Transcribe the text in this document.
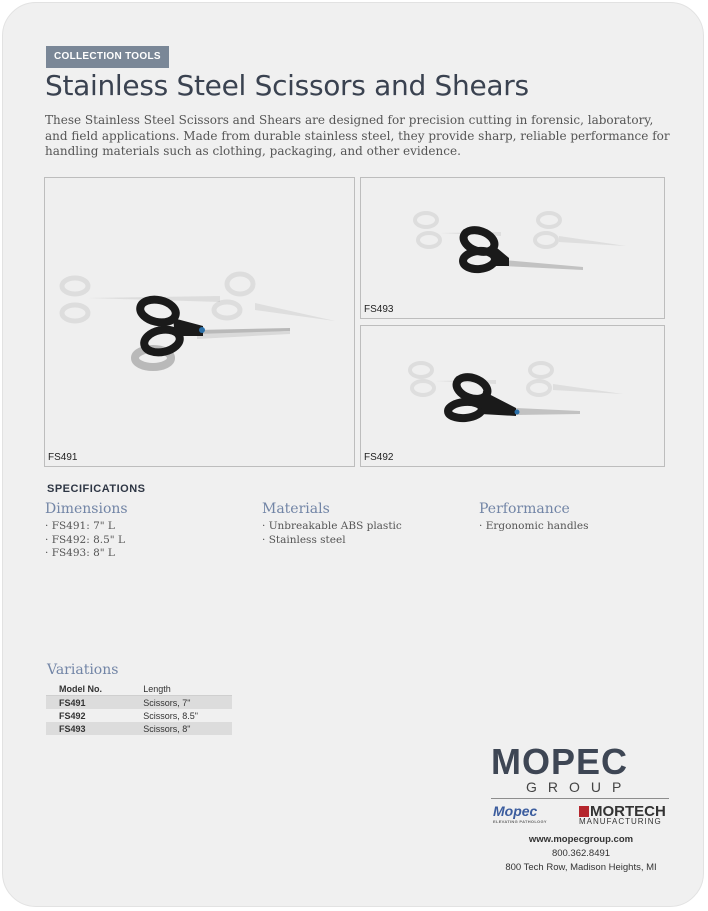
COLLECTION TOOLS
Stainless Steel Scissors and Shears
These Stainless Steel Scissors and Shears are designed for precision cutting in forensic, laboratory, and field applications. Made from durable stainless steel, they provide sharp, reliable performance for handling materials such as clothing, packaging, and other evidence.
FS491
FS493
FS492
SPECIFICATIONS
Dimensions
· FS491: 7" L
· FS492: 8.5" L
· FS493: 8" L
Materials
· Unbreakable ABS plastic
· Stainless steel
Performance
· Ergonomic handles
Variations
Model No.	Length
FS491	Scissors, 7"
FS492	Scissors, 8.5"
FS493	Scissors, 8"
MOPEC
GROUP
Mopec
ELEVATING PATHOLOGY
MORTECH
MANUFACTURING
www.mopecgroup.com
800.362.8491
800 Tech Row, Madison Heights, MI
